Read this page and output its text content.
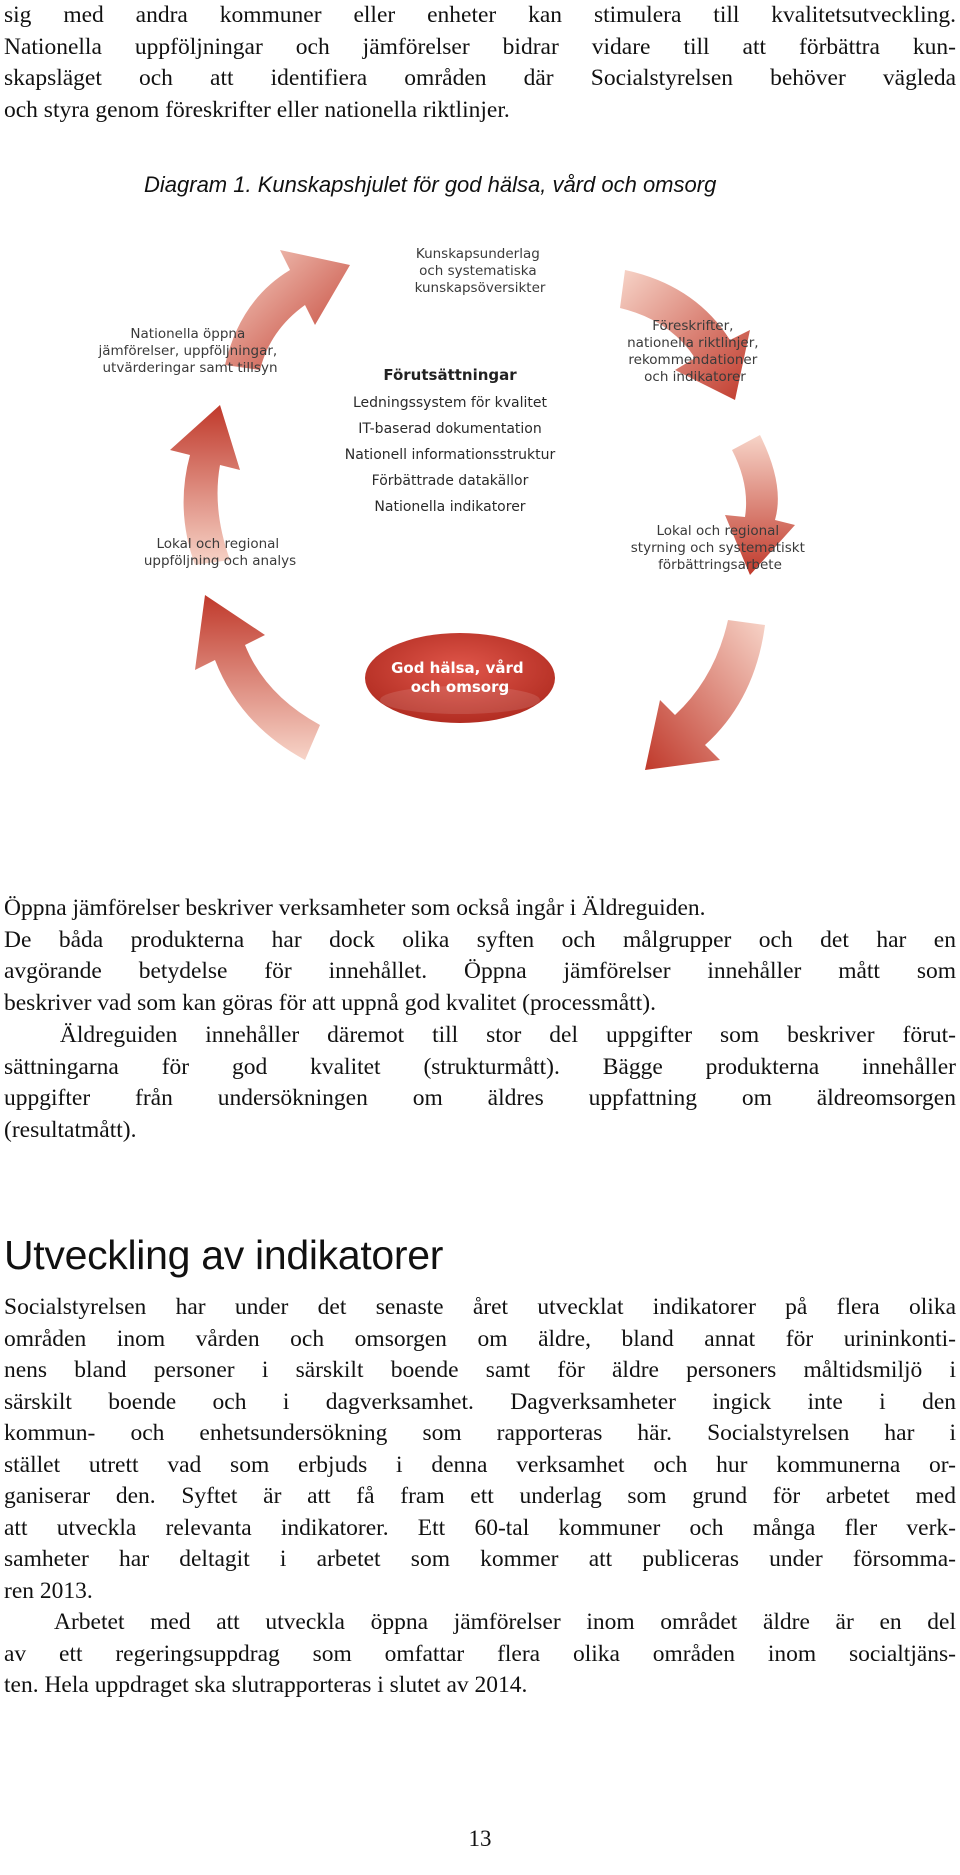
sig med andra kommuner eller enheter kan stimulera till kvalitetsutveckling.
Nationella uppföljningar och jämförelser bidrar vidare till att förbättra kun-
skapsläget och att identifiera områden där Socialstyrelsen behöver vägleda
och styra genom föreskrifter eller nationella riktlinjer.
Diagram 1. Kunskapshjulet för god hälsa, vård och omsorg
Kunskapsunderlag och systematiska kunskapsöversikter
Föreskrifter, nationella riktlinjer, rekommendationer och indikatorer
Lokal och regional styrning och systematiskt förbättringsarbete
Lokal och regional uppföljning och analys
Nationella öppna jämförelser, uppföljningar, utvärderingar samt tillsyn	Förutsättningar
Ledningssystem för kvalitet
IT-baserad dokumentation
Nationell informationsstruktur
Förbättrade datakällor
Nationella indikatorer
God hälsa, vård och omsorg
Öppna jämförelser beskriver verksamheter som också ingår i Äldreguiden.
De båda produkterna har dock olika syften och målgrupper och det har en
avgörande betydelse för innehållet. Öppna jämförelser innehåller mått som
beskriver vad som kan göras för att uppnå god kvalitet (processmått).
Äldreguiden innehåller däremot till stor del uppgifter som beskriver förut-
sättningarna för god kvalitet (strukturmått). Bägge produkterna innehåller
uppgifter från undersökningen om äldres uppfattning om äldreomsorgen
(resultatmått).
Utveckling av indikatorer
Socialstyrelsen har under det senaste året utvecklat indikatorer på flera olika
områden inom vården och omsorgen om äldre, bland annat för urininkonti-
nens bland personer i särskilt boende samt för äldre personers måltidsmiljö i
särskilt boende och i dagverksamhet. Dagverksamheter ingick inte i den
kommun- och enhetsundersökning som rapporteras här. Socialstyrelsen har i
stället utrett vad som erbjuds i denna verksamhet och hur kommunerna or-
ganiserar den. Syftet är att få fram ett underlag som grund för arbetet med
att utveckla relevanta indikatorer. Ett 60-tal kommuner och många fler verk-
samheter har deltagit i arbetet som kommer att publiceras under försomma-
ren 2013.
Arbetet med att utveckla öppna jämförelser inom området äldre är en del
av ett regeringsuppdrag som omfattar flera olika områden inom socialtjäns-
ten. Hela uppdraget ska slutrapporteras i slutet av 2014.
13
